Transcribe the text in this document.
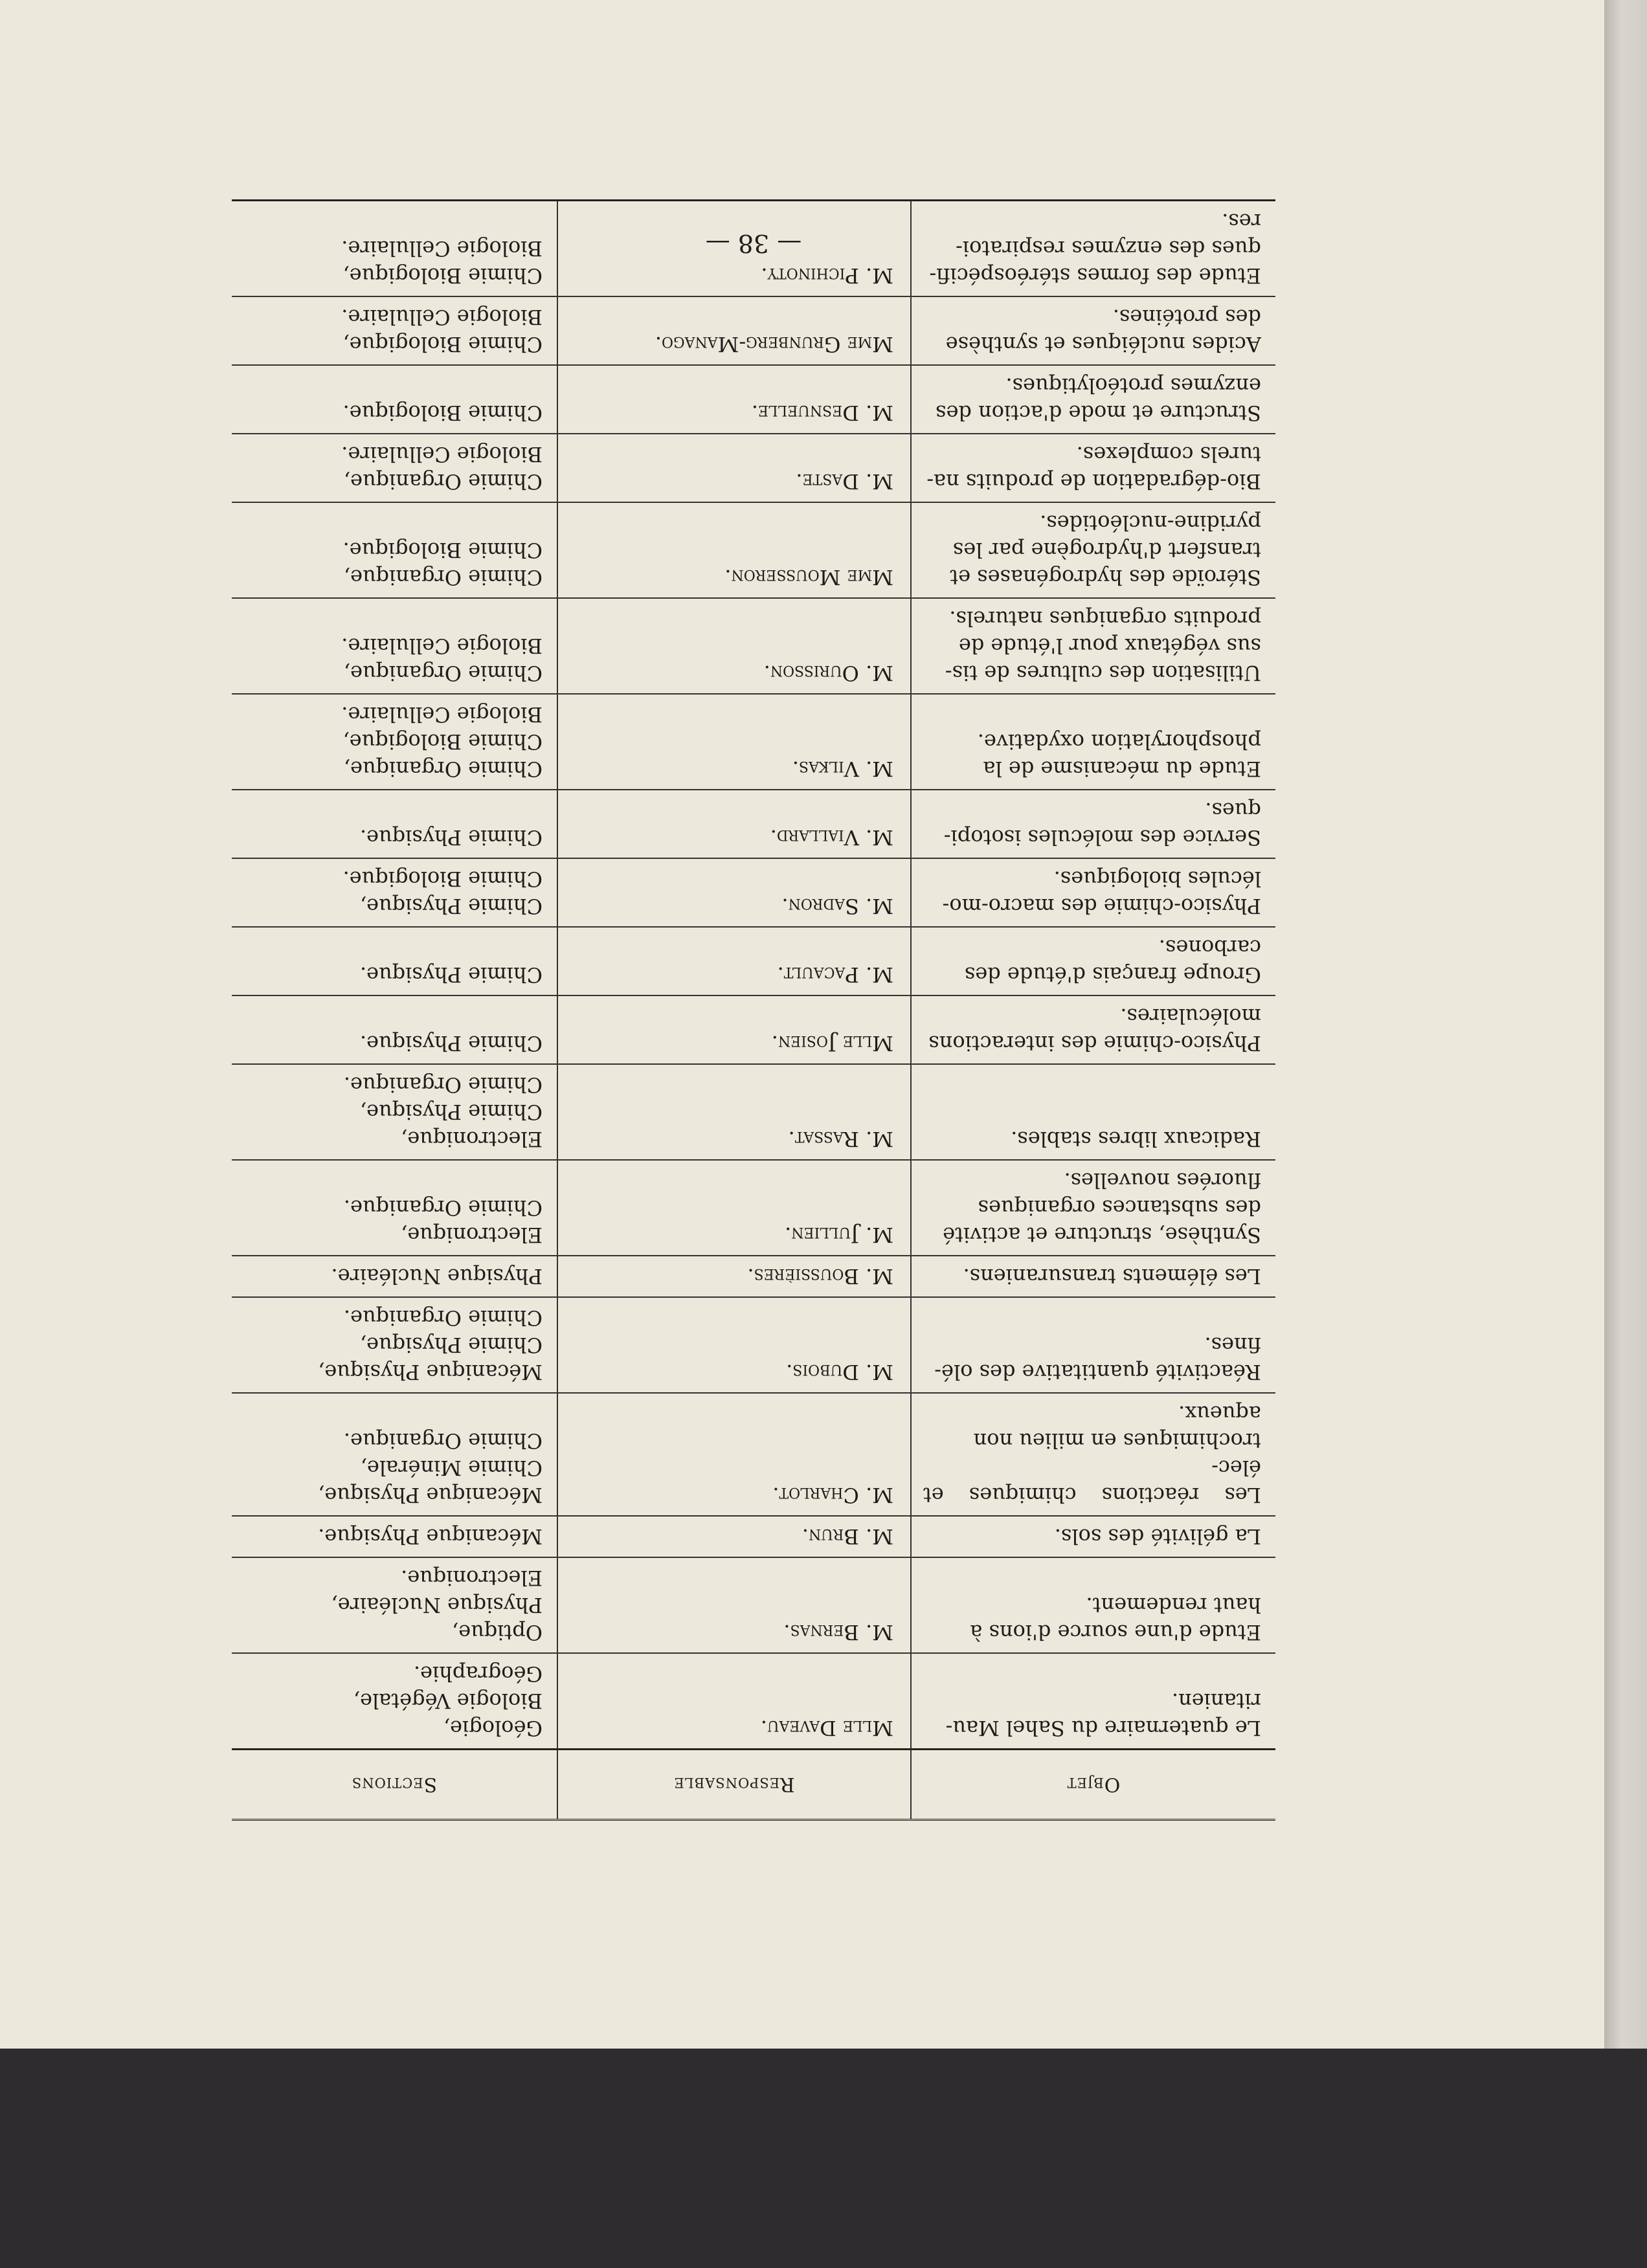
Objet	Responsable	Sections
Le quaternaire du Sahel Mau-
ritanien.	Mlle Daveau.	Géologie,
Biologie Végétale,
Géographie.
Etude d'une source d'ions à
haut rendement.	M. Bernas.	Optique,
Physique Nucléaire,
Electronique.
La gélivité des sols.	M. Brun.	Mécanique Physique.
Les réactions chimiques et élec-
trochimiques en milieu non
aqueux.	M. Charlot.	Mécanique Physique,
Chimie Minérale,
Chimie Organique.
Réactivité quantitative des olé-
fines.	M. Dubois.	Mécanique Physique,
Chimie Physique,
Chimie Organique.
Les éléments transuraniens.	M. Boussières.	Physique Nucléaire.
Synthèse, structure et activité
des substances organiques
fluorées nouvelles.	M. Jullien.	Electronique,
Chimie Organique.
Radicaux libres stables.	M. Rassat.	Electronique,
Chimie Physique,
Chimie Organique.
Physico-chimie des interactions
moléculaires.	Mlle Josien.	Chimie Physique.
Groupe français d'étude des
carbones.	M. Pacault.	Chimie Physique.
Physico-chimie des macro-mo-
lécules biologiques.	M. Sadron.	Chimie Physique,
Chimie Biologique.
Service des molécules isotopi-
ques.	M. Viallard.	Chimie Physique.
Etude du mécanisme de la
phosphorylation oxydative.	M. Vilkas.	Chimie Organique,
Chimie Biologique,
Biologie Cellulaire.
Utilisation des cultures de tis-
sus végétaux pour l'étude de
produits organiques naturels.	M. Ourisson.	Chimie Organique,
Biologie Cellulaire.
Stéroïde des hydrogénases et
transfert d'hydrogène par les
pyridine-nucléotides.	Mme Mousseron.	Chimie Organique,
Chimie Biologique.
Bio-dégradation de produits na-
turels complexes.	M. Daste.	Chimie Organique,
Biologie Cellulaire.
Structure et mode d'action des
enzymes protéolytiques.	M. Desnuelle.	Chimie Biologique.
Acides nucléiques et synthèse
des protéines.	Mme Grunberg-Manago.	Chimie Biologique,
Biologie Cellulaire.
Etude des formes stéréospécifi-
ques des enzymes respiratoi-
res.	M. Pichinoty.	Chimie Biologique,
Biologie Cellulaire.	— 38 —
